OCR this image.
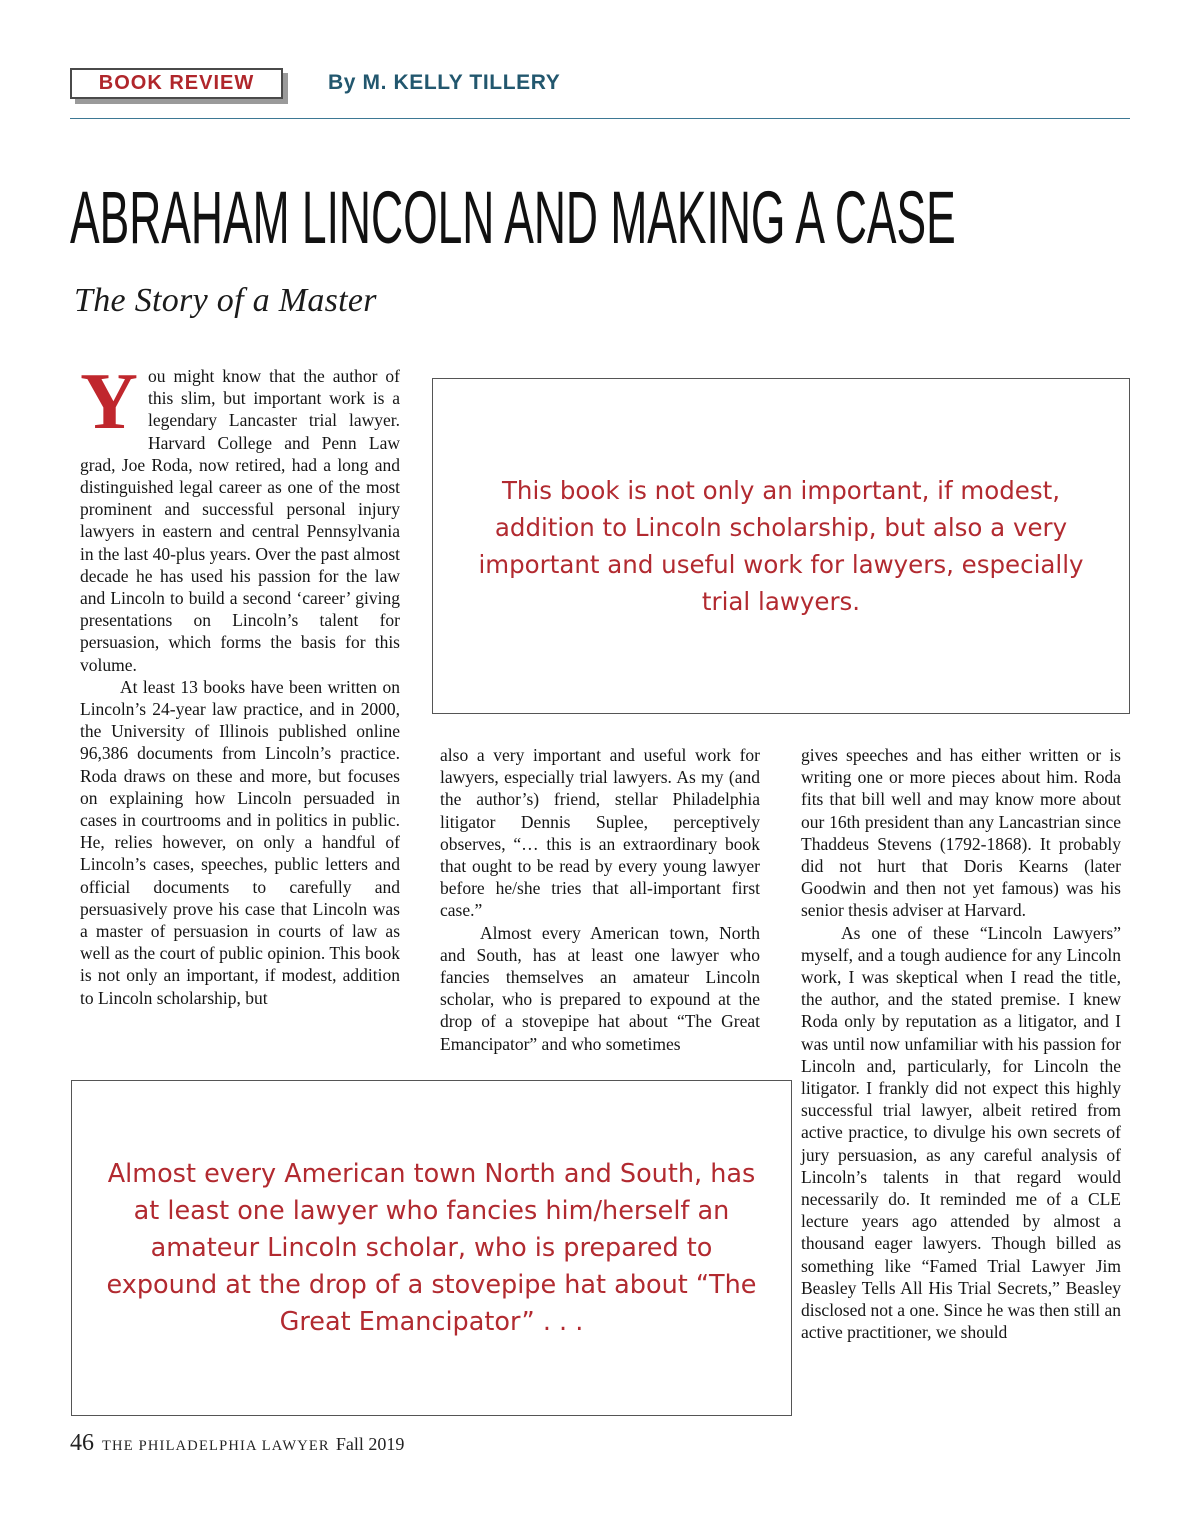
BOOK REVIEW	By M. KELLY TILLERY
ABRAHAM LINCOLN AND MAKING A CASE
The Story of a Master
Y ou might know that the author of this slim, but important work is a legendary Lancaster trial lawyer. Harvard College and Penn Law grad, Joe Roda, now retired, had a long and distinguished legal career as one of the most prominent and successful personal injury lawyers in eastern and central Pennsylvania in the last 40-plus years. Over the past almost decade he has used his passion for the law and Lincoln to build a second ‘career’ giving presentations on Lincoln’s talent for persuasion, which forms the basis for this volume.

At least 13 books have been written on Lincoln’s 24-year law practice, and in 2000, the University of Illinois published online 96,386 documents from Lincoln’s practice. Roda draws on these and more, but focuses on explaining how Lincoln persuaded in cases in courtrooms and in politics in public. He, relies however, on only a handful of Lincoln’s cases, speeches, public letters and official documents to carefully and persuasively prove his case that Lincoln was a master of persuasion in courts of law as well as the court of public opinion. This book is not only an important, if modest, addition to Lincoln scholarship, but

This book is not only an important, if modest, addition to Lincoln scholarship, but also a very important and useful work for lawyers, especially trial lawyers.

also a very important and useful work for lawyers, especially trial lawyers. As my (and the author’s) friend, stellar Philadelphia litigator Dennis Suplee, perceptively observes, “… this is an extraordinary book that ought to be read by every young lawyer before he/she tries that all-important first case.”

Almost every American town, North and South, has at least one lawyer who fancies themselves an amateur Lincoln scholar, who is prepared to expound at the drop of a stovepipe hat about “The Great Emancipator” and who sometimes

gives speeches and has either written or is writing one or more pieces about him. Roda fits that bill well and may know more about our 16th president than any Lancastrian since Thaddeus Stevens (1792-1868). It probably did not hurt that Doris Kearns (later Goodwin and then not yet famous) was his senior thesis adviser at Harvard.

As one of these “Lincoln Lawyers” myself, and a tough audience for any Lincoln work, I was skeptical when I read the title, the author, and the stated premise. I knew Roda only by reputation as a litigator, and I was until now unfamiliar with his passion for Lincoln and, particularly, for Lincoln the litigator. I frankly did not expect this highly successful trial lawyer, albeit retired from active practice, to divulge his own secrets of jury persuasion, as any careful analysis of Lincoln’s talents in that regard would necessarily do. It reminded me of a CLE lecture years ago attended by almost a thousand eager lawyers. Though billed as something like “Famed Trial Lawyer Jim Beasley Tells All His Trial Secrets,” Beasley disclosed not a one. Since he was then still an active practitioner, we should

Almost every American town North and South, has at least one lawyer who fancies him/herself an amateur Lincoln scholar, who is prepared to expound at the drop of a stovepipe hat about “The Great Emancipator” . . .

46 THE PHILADELPHIA LAWYER Fall 2019
